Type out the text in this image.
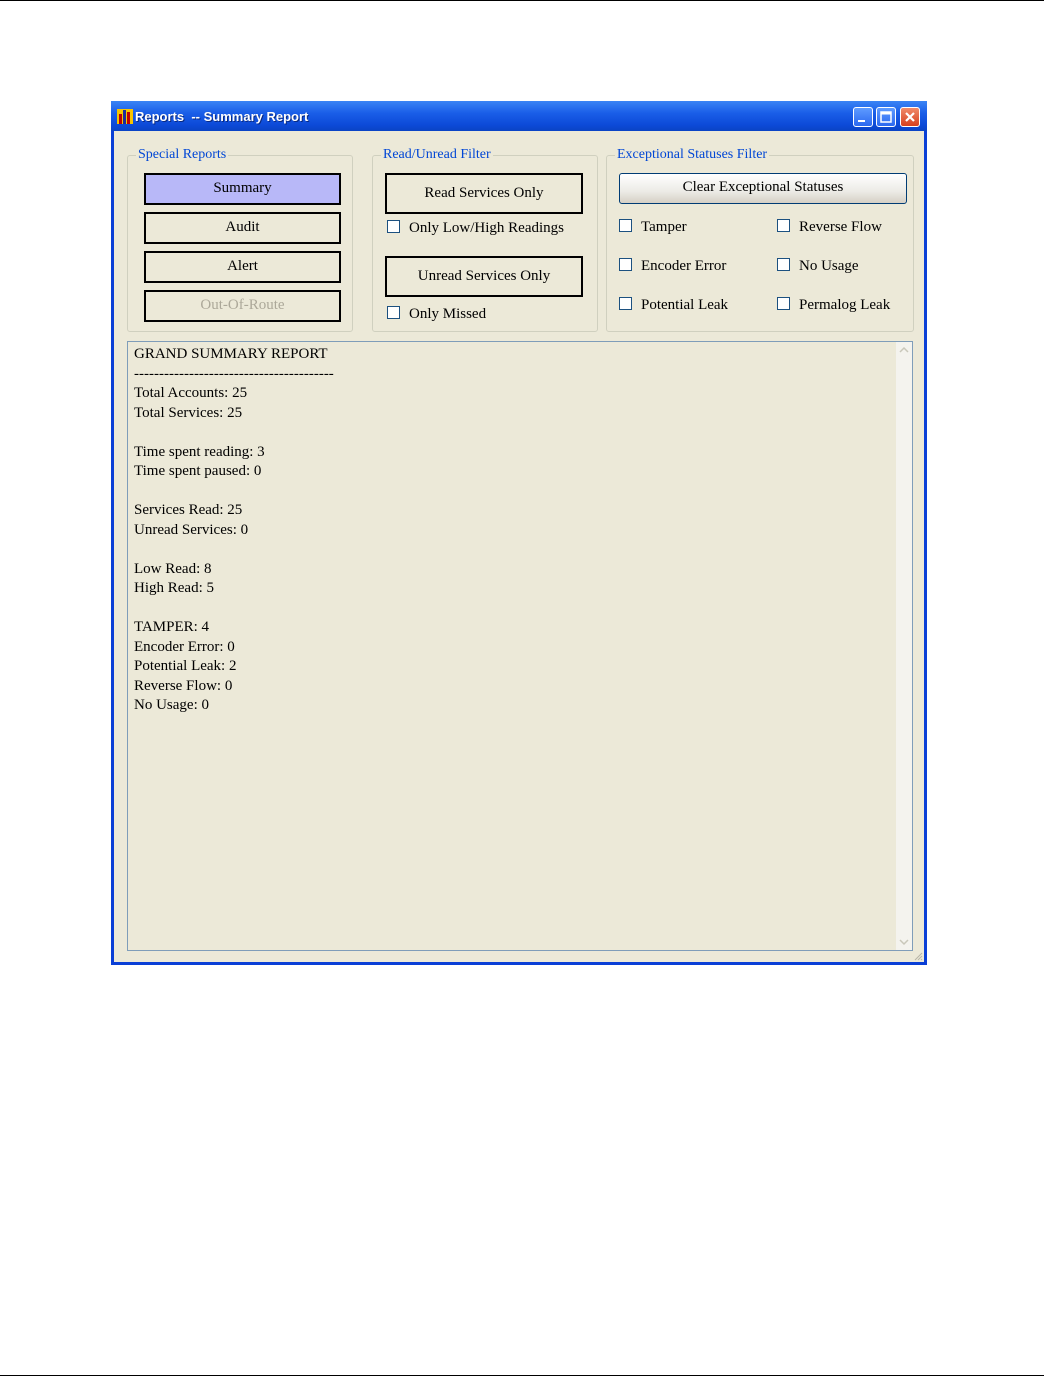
Reports  -- Summary Report
Special Reports
Summary
Audit
Alert
Out-Of-Route
Read/Unread Filter
Read Services Only
Only Low/High Readings
Unread Services Only
Only Missed
Exceptional Statuses Filter
Clear Exceptional Statuses
Tamper	Reverse Flow
Encoder Error	No Usage
Potential Leak	Permalog Leak
GRAND SUMMARY REPORT
----------------------------------------
Total Accounts: 25
Total Services: 25

Time spent reading: 3
Time spent paused: 0

Services Read: 25
Unread Services: 0

Low Read: 8
High Read: 5

TAMPER: 4
Encoder Error: 0
Potential Leak: 2
Reverse Flow: 0
No Usage: 0
